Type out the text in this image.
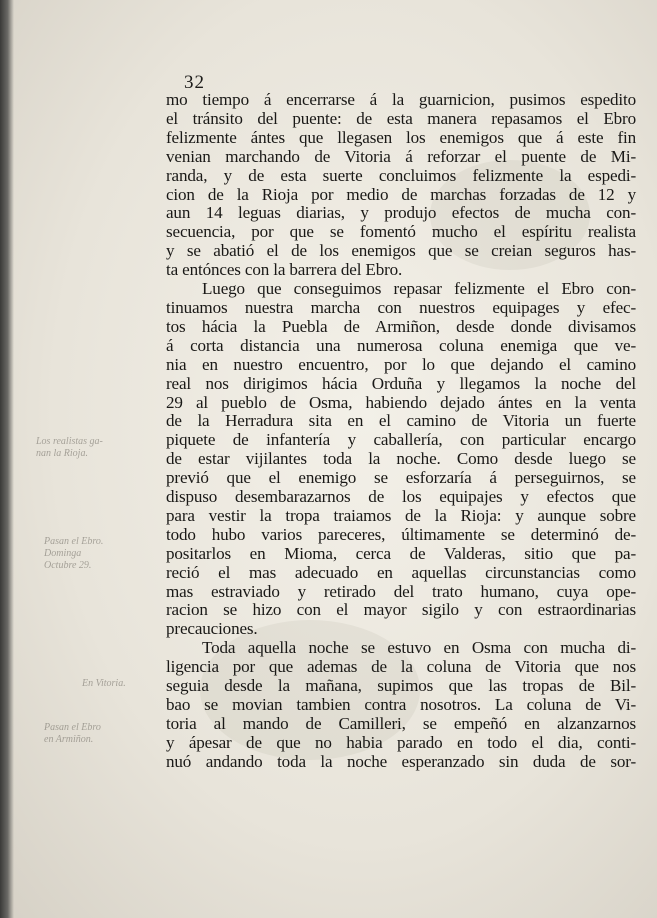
32
Los realistas ga-
nan la Rioja.
Pasan el Ebro.
Dominga
Octubre 29.
En Vitoria.
Pasan el Ebro
en Armiñon.
mo tiempo á encerrarse á la guarnicion, pusimos espedito
el tránsito del puente: de esta manera repasamos el Ebro
felizmente ántes que llegasen los enemigos que á este fin
venian marchando de Vitoria á reforzar el puente de Mi-
randa, y de esta suerte concluimos felizmente la espedi-
cion de la Rioja por medio de marchas forzadas de 12 y
aun 14 leguas diarias, y produjo efectos de mucha con-
secuencia, por que se fomentó mucho el espíritu realista
y se abatió el de los enemigos que se creian seguros has-
ta entónces con la barrera del Ebro.
Luego que conseguimos repasar felizmente el Ebro con-
tinuamos nuestra marcha con nuestros equipages y efec-
tos hácia la Puebla de Armiñon, desde donde divisamos
á corta distancia una numerosa coluna enemiga que ve-
nia en nuestro encuentro, por lo que dejando el camino
real nos dirigimos hácia Orduña y llegamos la noche del
29 al pueblo de Osma, habiendo dejado ántes en la venta
de la Herradura sita en el camino de Vitoria un fuerte
piquete de infantería y caballería, con particular encargo
de estar vijilantes toda la noche. Como desde luego se
previó que el enemigo se esforzaría á perseguirnos, se
dispuso desembarazarnos de los equipajes y efectos que
para vestir la tropa traiamos de la Rioja: y aunque sobre
todo hubo varios pareceres, últimamente se determinó de-
positarlos en Mioma, cerca de Valderas, sitio que pa-
reció el mas adecuado en aquellas circunstancias como
mas estraviado y retirado del trato humano, cuya ope-
racion se hizo con el mayor sigilo y con estraordinarias
precauciones.
Toda aquella noche se estuvo en Osma con mucha di-
ligencia por que ademas de la coluna de Vitoria que nos
seguia desde la mañana, supimos que las tropas de Bil-
bao se movian tambien contra nosotros. La coluna de Vi-
toria al mando de Camilleri, se empeñó en alzanzarnos
y ápesar de que no habia parado en todo el dia, conti-
nuó andando toda la noche esperanzado sin duda de sor-
